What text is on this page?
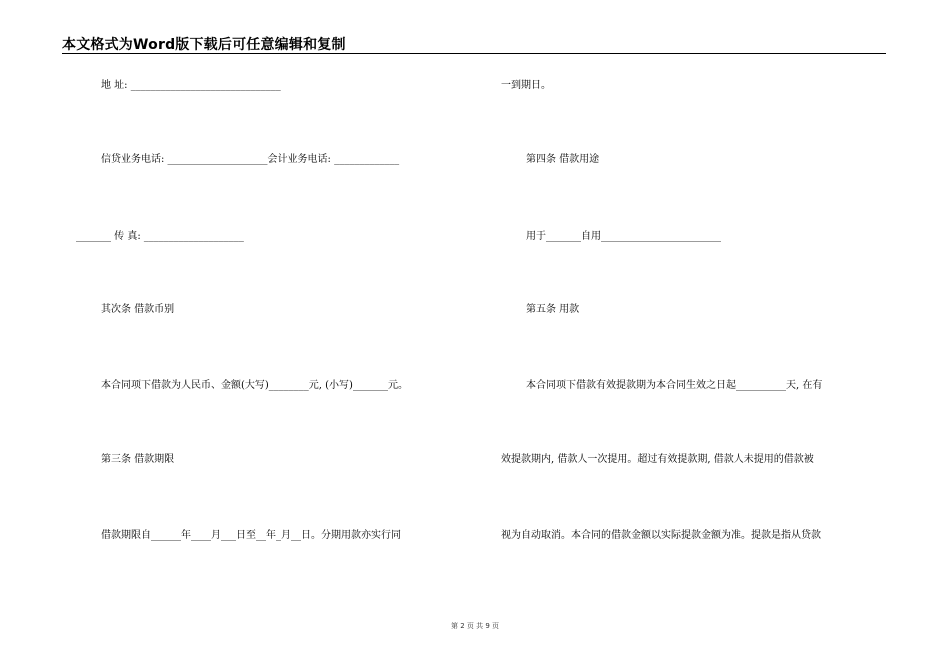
本文格式为Word版下载后可任意编辑和复制
地 址: ______________________________
信贷业务电话: ____________________会计业务电话: _____________
_______ 传 真: ____________________
其次条 借款币别
本合同项下借款为人民币、金额(大写)________元, (小写)_______元。
第三条 借款期限
借款期限自______年____月___日至__年_月__日。分期用款亦实行同
一到期日。
第四条 借款用途
用于_______自用________________________
第五条 用款
本合同项下借款有效提款期为本合同生效之日起__________天, 在有
效提款期内, 借款人一次提用。超过有效提款期, 借款人未提用的借款被
视为自动取消。本合同的借款金额以实际提款金额为准。提款是指从贷款
第 2 页 共 9 页
